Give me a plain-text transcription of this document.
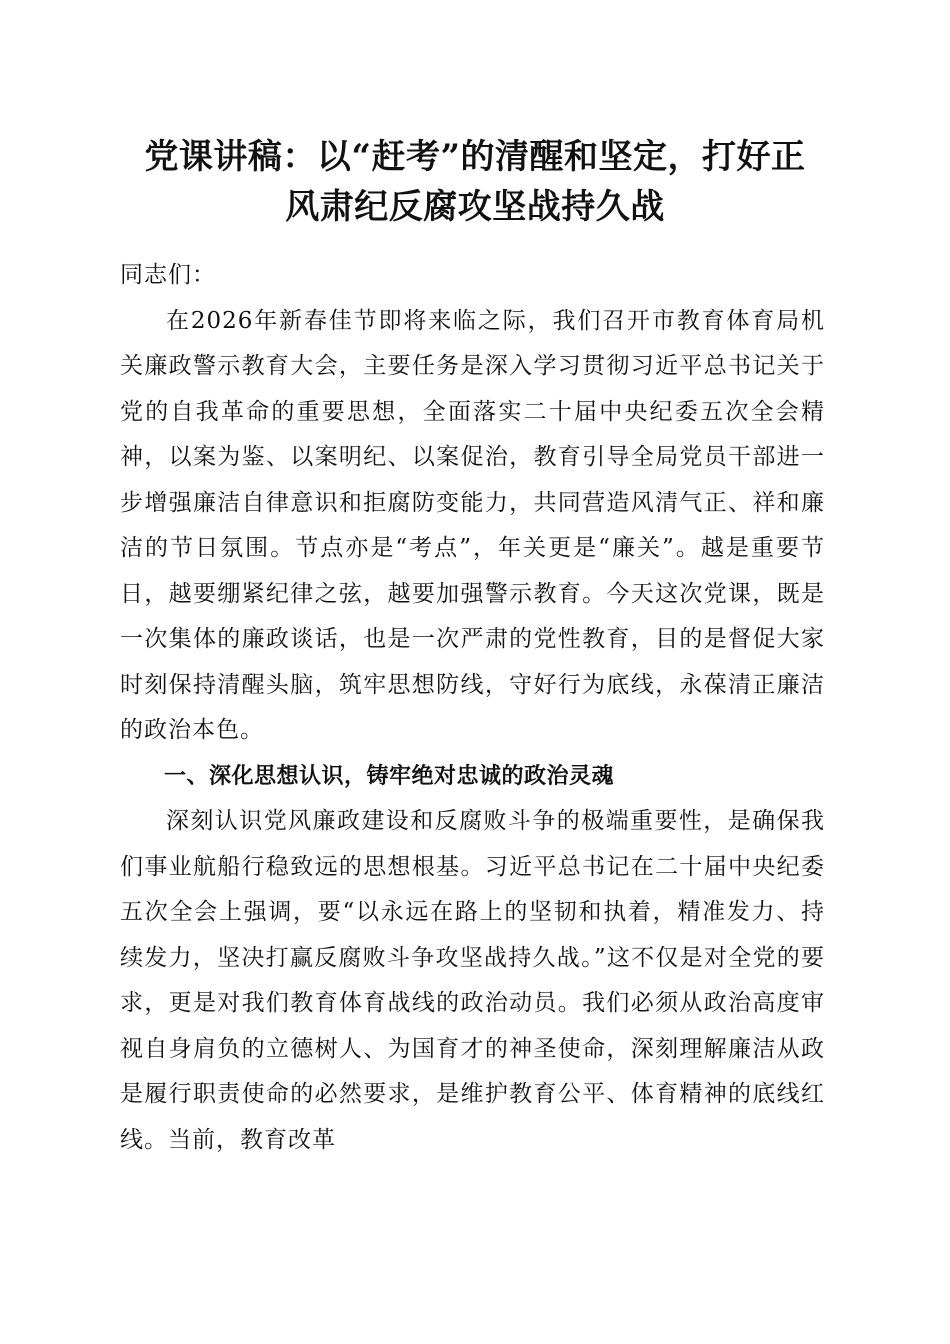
党课讲稿：以“赶考”的清醒和坚定，打好正
风肃纪反腐攻坚战持久战

同志们：

在2026年新春佳节即将来临之际，我们召开市教育体育局机关廉政警示教育大会，主要任务是深入学习贯彻习近平总书记关于党的自我革命的重要思想，全面落实二十届中央纪委五次全会精神，以案为鉴、以案明纪、以案促治，教育引导全局党员干部进一步增强廉洁自律意识和拒腐防变能力，共同营造风清气正、祥和廉洁的节日氛围。节点亦是“考点”，年关更是“廉关”。越是重要节日，越要绷紧纪律之弦，越要加强警示教育。今天这次党课，既是一次集体的廉政谈话，也是一次严肃的党性教育，目的是督促大家时刻保持清醒头脑，筑牢思想防线，守好行为底线，永葆清正廉洁的政治本色。

一、深化思想认识，铸牢绝对忠诚的政治灵魂

深刻认识党风廉政建设和反腐败斗争的极端重要性，是确保我们事业航船行稳致远的思想根基。习近平总书记在二十届中央纪委五次全会上强调，要“以永远在路上的坚韧和执着，精准发力、持续发力，坚决打赢反腐败斗争攻坚战持久战。”这不仅是对全党的要求，更是对我们教育体育战线的政治动员。我们必须从政治高度审视自身肩负的立德树人、为国育才的神圣使命，深刻理解廉洁从政是履行职责使命的必然要求，是维护教育公平、体育精神的底线红线。当前，教育改革
